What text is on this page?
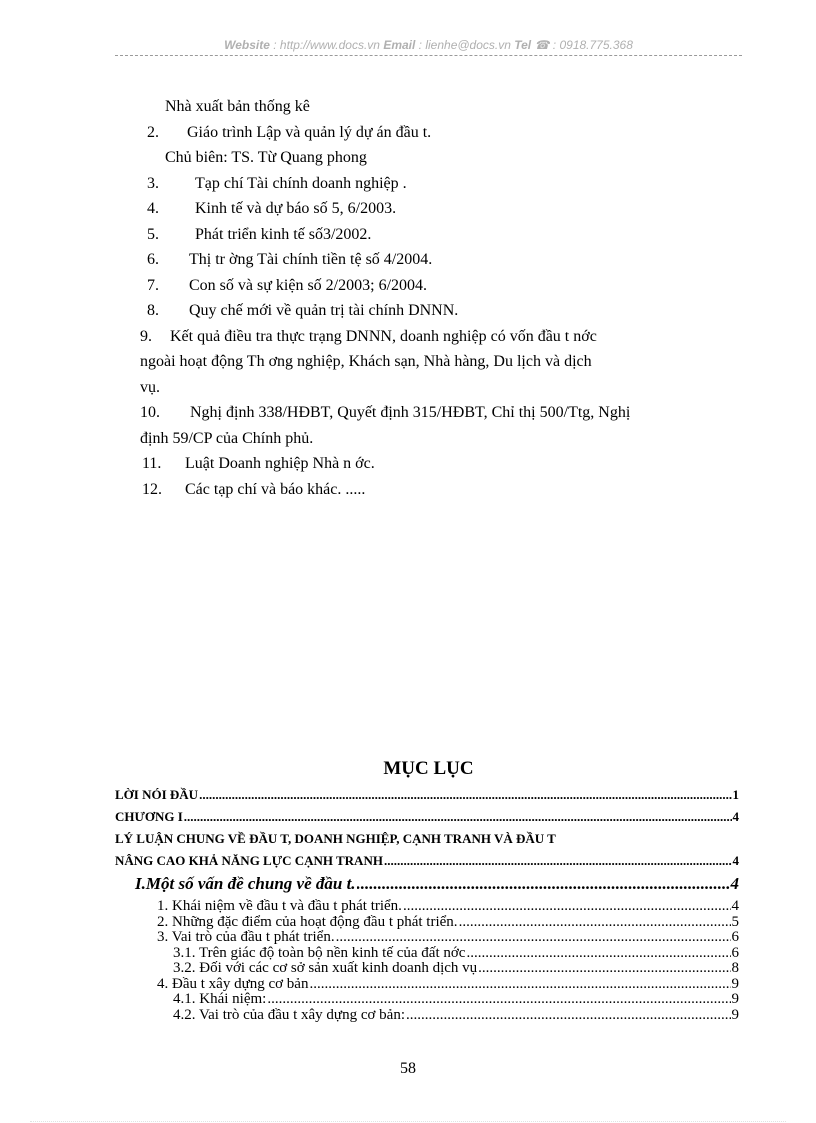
Website : http://www.docs.vn Email : lienhe@docs.vn Tel ☎ : 0918.775.368
Nhà xuất bản thống kê
2. Giáo trình Lập và quản lý dự án đầu t.
Chủ biên: TS. Từ Quang phong
3. Tạp chí Tài chính doanh nghiệp .
4. Kinh tế và dự báo số 5, 6/2003.
5. Phát triển kinh tế số3/2002.
6. Thị tr ờng Tài chính tiền tệ số 4/2004.
7. Con số và sự kiện số 2/2003; 6/2004.
8. Quy chế mới về quản trị tài chính DNNN.
9. Kết quả điều tra thực trạng DNNN, doanh nghiệp có vốn đầu t nớc
ngoài hoạt động Th ơng nghiệp, Khách sạn, Nhà hàng, Du lịch và dịch
vụ.
10. Nghị định 338/HĐBT, Quyết định 315/HĐBT, Chỉ thị 500/Ttg, Nghị
định 59/CP của Chính phủ.
11. Luật Doanh nghiệp Nhà n ớc.
12. Các tạp chí và báo khác. .....
MỤC LỤC
LỜI NÓI ĐẦU .....	1
CHƯƠNG I .....	4
LÝ LUẬN CHUNG VỀ ĐẦU T, DOANH NGHIỆP, CẠNH TRANH VÀ ĐẦU T
NÂNG CAO KHẢ NĂNG LỰC CẠNH TRANH .....	4
I.Một số vấn đề chung về đầu t. .....	4
1. Khái niệm về đầu t và đầu t phát triển. .....	4
2. Những đặc điểm của hoạt động đầu t phát triển. .....	5
3. Vai trò của đầu t phát triển. .....	6
3.1. Trên giác độ toàn bộ nền kinh tế của đất nớc .....	6
3.2. Đối với các cơ sở sản xuất kinh doanh dịch vụ .....	8
4. Đầu t xây dựng cơ bản .....	9
4.1. Khái niệm: .....	9
4.2. Vai trò của đầu t xây dựng cơ bản: .....	9
58
